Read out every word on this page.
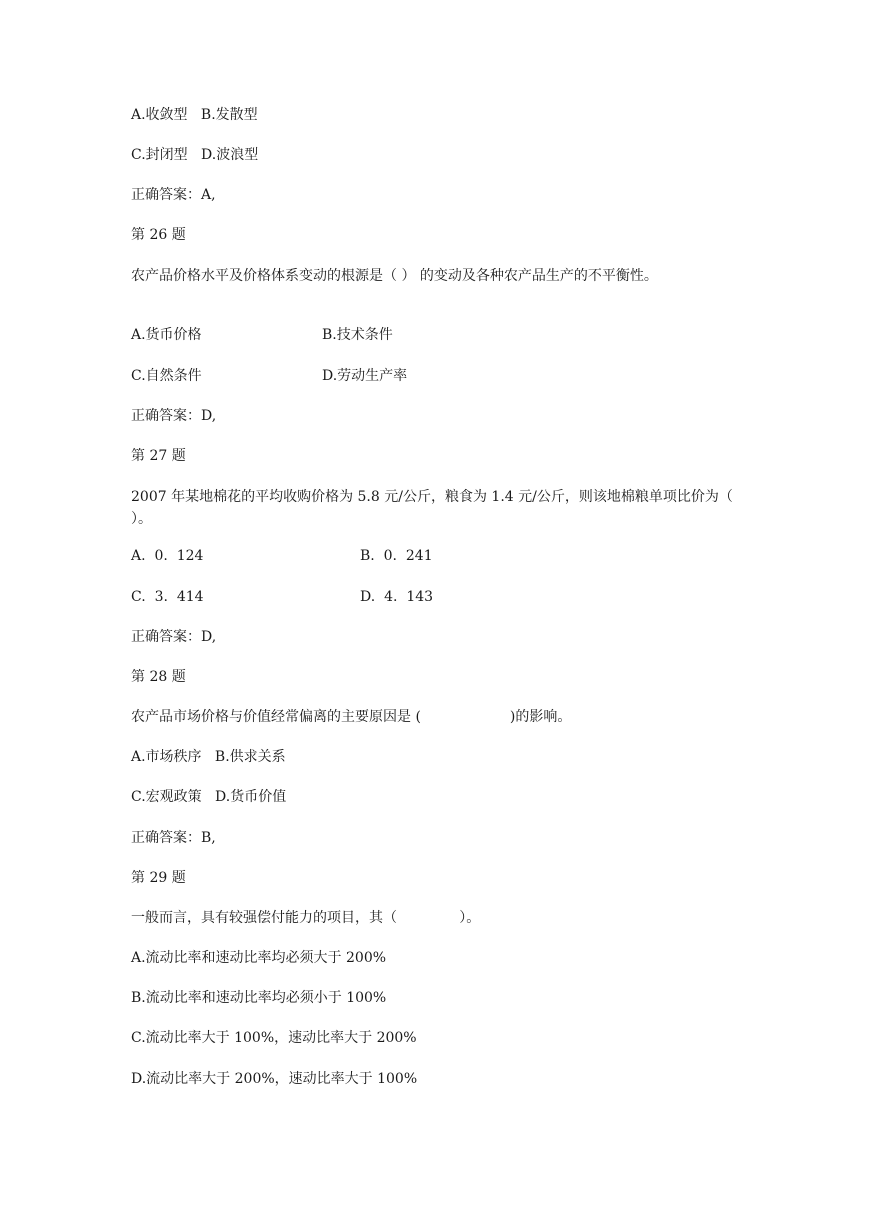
A.收敛型   B.发散型
C.封闭型   D.波浪型
正确答案：A,
第 26 题
农产品价格水平及价格体系变动的根源是（ ） 的变动及各种农产品生产的不平衡性。
A.货币价格	B.技术条件
C.自然条件	D.劳动生产率
正确答案：D,
第 27 题
2007 年某地棉花的平均收购价格为 5.8 元/公斤，粮食为 1.4 元/公斤，则该地棉粮单项比价为（ ）。
A.  0.  124	B.  0.  241
C.  3.  414	D.  4.  143
正确答案：D,
第 28 题
农产品市场价格与价值经常偏离的主要原因是 (                    )的影响。
A.市场秩序   B.供求关系
C.宏观政策   D.货币价值
正确答案：B,
第 29 题
一般而言，具有较强偿付能力的项目，其（              ）。
A.流动比率和速动比率均必须大于 200%
B.流动比率和速动比率均必须小于 100%
C.流动比率大于 100%，速动比率大于 200%
D.流动比率大于 200%，速动比率大于 100%
